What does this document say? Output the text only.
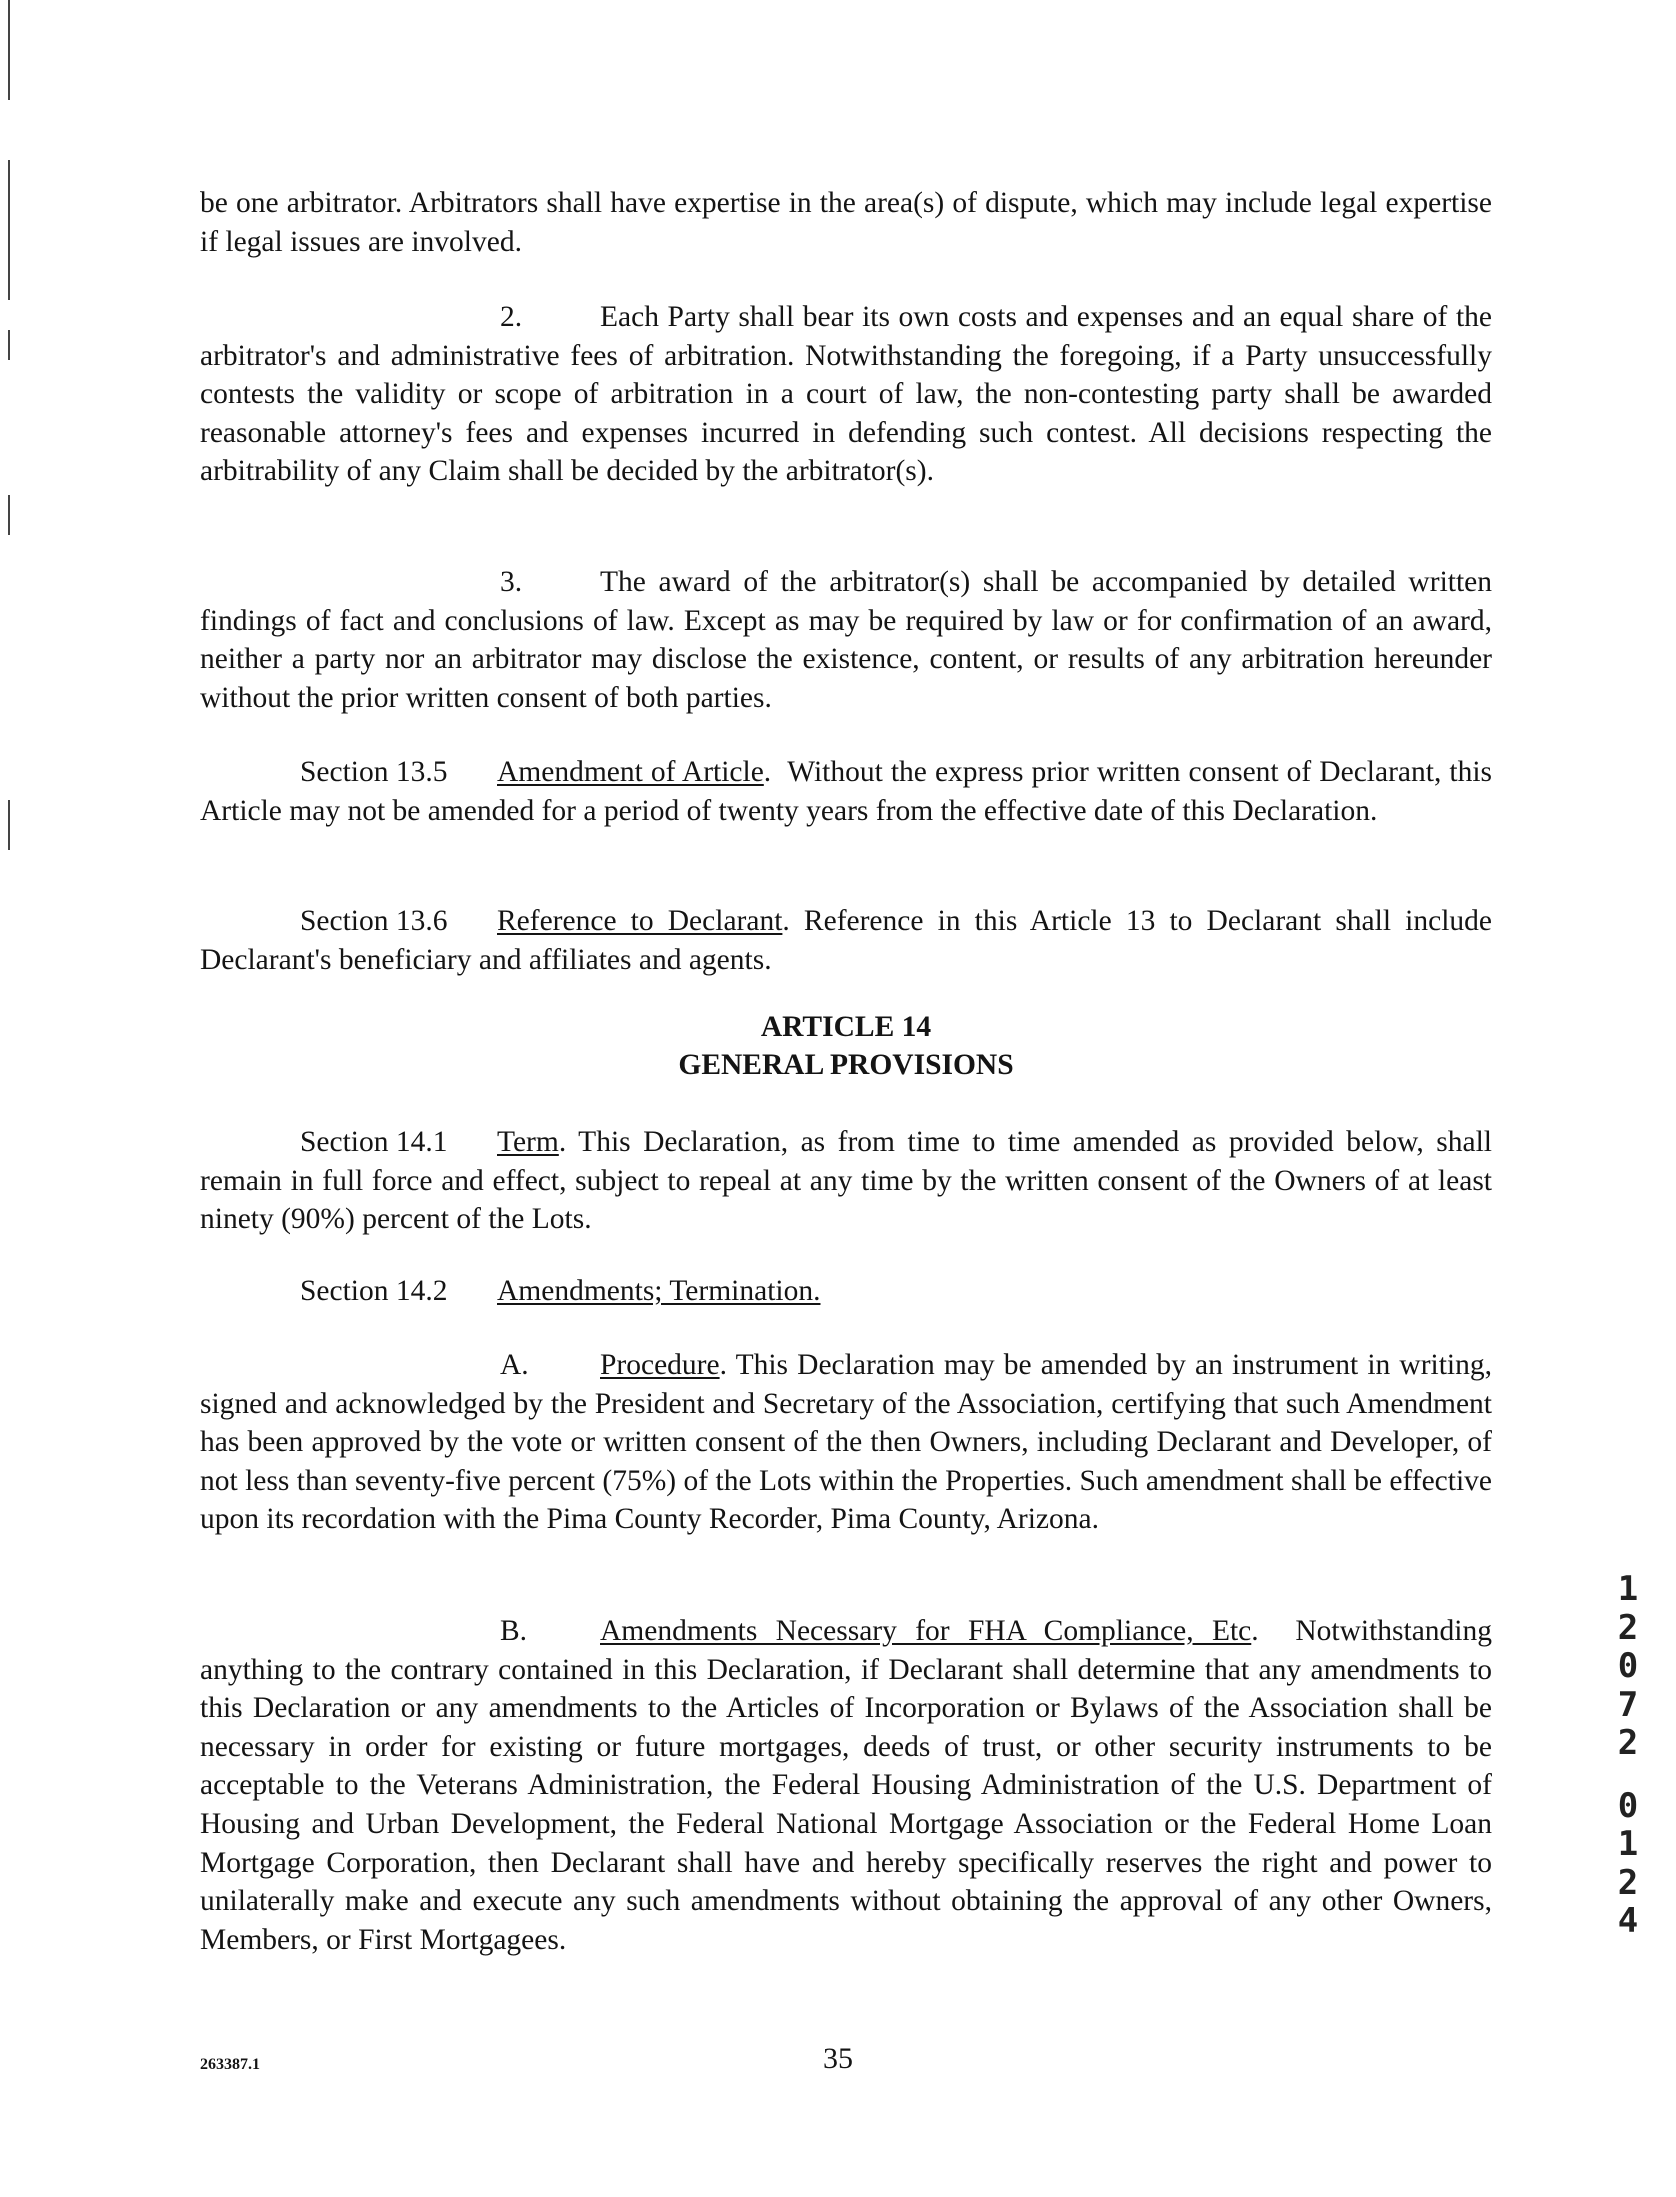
be one arbitrator. Arbitrators shall have expertise in the area(s) of dispute, which may include legal expertise if legal issues are involved.

2.	Each Party shall bear its own costs and expenses and an equal share of the arbitrator's and administrative fees of arbitration. Notwithstanding the foregoing, if a Party unsuccessfully contests the validity or scope of arbitration in a court of law, the non-contesting party shall be awarded reasonable attorney's fees and expenses incurred in defending such contest. All decisions respecting the arbitrability of any Claim shall be decided by the arbitrator(s).

3.	The award of the arbitrator(s) shall be accompanied by detailed written findings of fact and conclusions of law. Except as may be required by law or for confirmation of an award, neither a party nor an arbitrator may disclose the existence, content, or results of any arbitration hereunder without the prior written consent of both parties.

Section 13.5 Amendment of Article.  Without the express prior written consent of Declarant, this Article may not be amended for a period of twenty years from the effective date of this Declaration.

Section 13.6 Reference to Declarant. Reference in this Article 13 to Declarant shall include Declarant's beneficiary and affiliates and agents.

ARTICLE 14
GENERAL PROVISIONS

Section 14.1 Term. This Declaration, as from time to time amended as provided below, shall remain in full force and effect, subject to repeal at any time by the written consent of the Owners of at least ninety (90%) percent of the Lots.

Section 14.2 Amendments; Termination.

A. Procedure. This Declaration may be amended by an instrument in writing, signed and acknowledged by the President and Secretary of the Association, certifying that such Amendment has been approved by the vote or written consent of the then Owners, including Declarant and Developer, of not less than seventy-five percent (75%) of the Lots within the Properties. Such amendment shall be effective upon its recordation with the Pima County Recorder, Pima County, Arizona.

B. Amendments Necessary for FHA Compliance, Etc.  Notwithstanding anything to the contrary contained in this Declaration, if Declarant shall determine that any amendments to this Declaration or any amendments to the Articles of Incorporation or Bylaws of the Association shall be necessary in order for existing or future mortgages, deeds of trust, or other security instruments to be acceptable to the Veterans Administration, the Federal Housing Administration of the U.S. Department of Housing and Urban Development, the Federal National Mortgage Association or the Federal Home Loan Mortgage Corporation, then Declarant shall have and hereby specifically reserves the right and power to unilaterally make and execute any such amendments without obtaining the approval of any other Owners, Members, or First Mortgagees.

1
2
0
7
2
0
1
2
4
263387.1	35
